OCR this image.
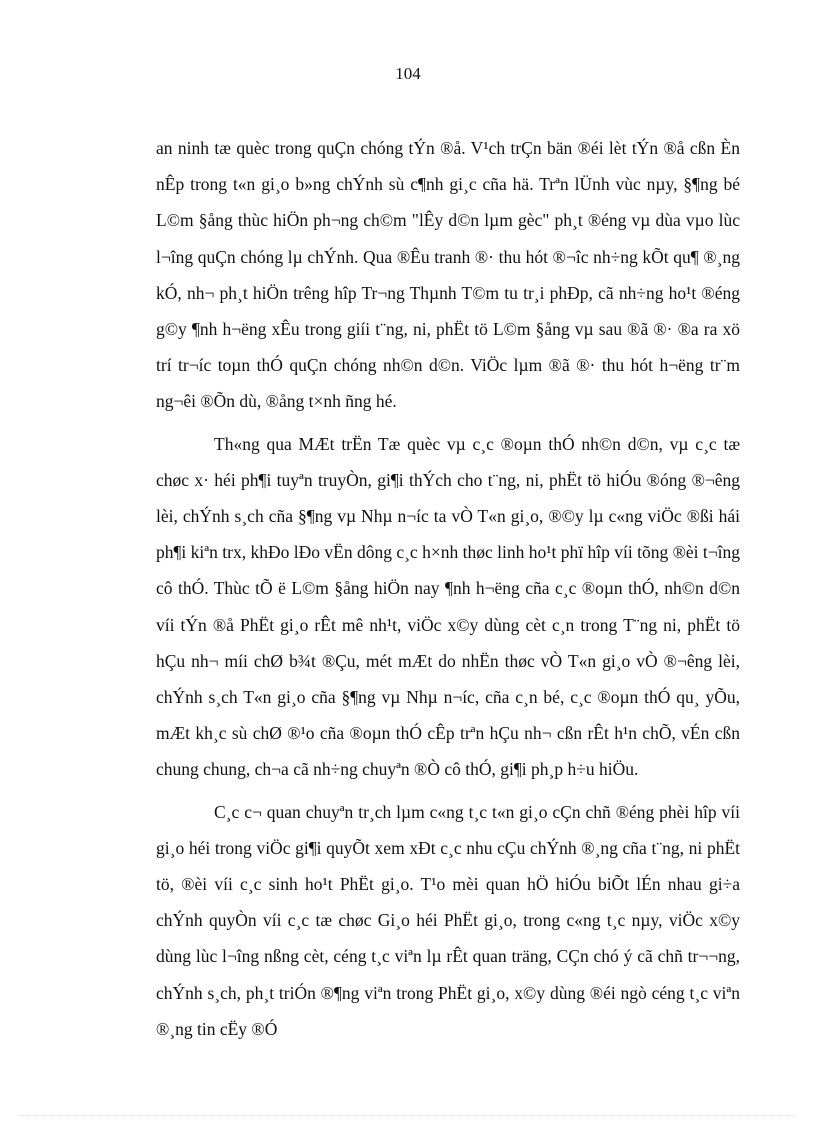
104

an ninh tæ quèc trong quÇn chóng tÝn ®å. V¹ch trÇn bän ®éi lèt tÝn ®å cßn Èn nÊp trong t«n gi¸o b»ng chÝnh sù c¶nh gi¸c cña hä. Trªn lÜnh vùc nµy, §¶ng bé L©m §ång thùc hiÖn ph¬ng ch©m "lÊy d©n lµm gèc" ph¸t ®éng vµ dùa vµo lùc l¬îng quÇn chóng lµ chÝnh. Qua ®Êu tranh ®· thu hót ®¬îc nh÷ng kÕt qu¶ ®¸ng kÓ, nh¬ ph¸t hiÖn trêng hîp Tr¬ng Thµnh T©m tu tr¸i phÐp, cã nh÷ng ho¹t ®éng g©y ¶nh h¬ëng xÊu trong giíi t¨ng, ni, phËt tö L©m §ång vµ sau ®ã ®· ®a ra xö trí tr¬íc toµn thÓ quÇn chóng nh©n d©n. ViÖc lµm ®ã ®· thu hót h¬ëng tr¨m ng¬êi ®Õn dù, ®ång t×nh ñng hé.

Th«ng qua MÆt trËn Tæ quèc vµ c¸c ®oµn thÓ nh©n d©n, vµ c¸c tæ chøc x· héi ph¶i tuyªn truyÒn, gi¶i thÝch cho t¨ng, ni, phËt tö hiÓu ®óng ®¬êng lèi, chÝnh s¸ch cña §¶ng vµ Nhµ n¬íc ta vÒ T«n gi¸o, ®©y lµ c«ng viÖc ®ßi hái ph¶i kiªn trx, khÐo lÐo vËn dông c¸c h×nh thøc linh ho¹t phï hîp víi tõng ®èi t¬îng cô thÓ. Thùc tÕ ë L©m §ång hiÖn nay ¶nh h¬ëng cña c¸c ®oµn thÓ, nh©n d©n víi tÝn ®å PhËt gi¸o rÊt mê nh¹t, viÖc x©y dùng cèt c¸n trong T¨ng ni, phËt tö hÇu nh¬ míi chØ b¾t ®Çu, mét mÆt do nhËn thøc vÒ T«n gi¸o vÒ ®¬êng lèi, chÝnh s¸ch T«n gi¸o cña §¶ng vµ Nhµ n¬íc, cña c¸n bé, c¸c ®oµn thÓ qu¸ yÕu, mÆt kh¸c sù chØ ®¹o cña ®oµn thÓ cÊp trªn hÇu nh¬ cßn rÊt h¹n chÕ, vÉn cßn chung chung, ch¬a cã nh÷ng chuyªn ®Ò cô thÓ, gi¶i ph¸p h÷u hiÖu.

C¸c c¬ quan chuyªn tr¸ch lµm c«ng t¸c t«n gi¸o cÇn chñ ®éng phèi hîp víi gi¸o héi trong viÖc gi¶i quyÕt xem xÐt c¸c nhu cÇu chÝnh ®¸ng cña t¨ng, ni phËt tö, ®èi víi c¸c sinh ho¹t PhËt gi¸o. T¹o mèi quan hÖ hiÓu biÕt lÉn nhau gi÷a chÝnh quyÒn víi c¸c tæ chøc Gi¸o héi PhËt gi¸o, trong c«ng t¸c nµy, viÖc x©y dùng lùc l¬îng nßng cèt, céng t¸c viªn lµ rÊt quan träng, CÇn chó ý cã chñ tr¬¬ng, chÝnh s¸ch, ph¸t triÓn ®¶ng viªn trong PhËt gi¸o, x©y dùng ®éi ngò céng t¸c viªn ®¸ng tin cËy ®Ó
